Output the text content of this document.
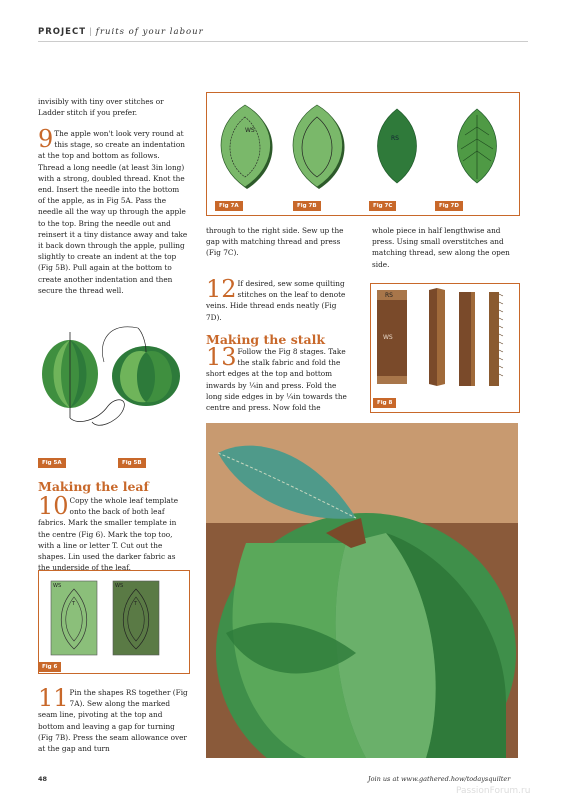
PROJECT | fruits of your labour
invisibly with tiny over stitches or Ladder stitch if you prefer.
9 The apple won't look very round at this stage, so create an indentation at the top and bottom as follows. Thread a long needle (at least 3in long) with a strong, doubled thread. Knot the end. Insert the needle into the bottom of the apple, as in Fig 5A. Pass the needle all the way up through the apple to the top. Bring the needle out and reinsert it a tiny distance away and take it back down through the apple, pulling slightly to create an indent at the top (Fig 5B). Pull again at the bottom to create another indentation and then secure the thread well.
Fig 5A	Fig 5B
Making the leaf
10 Copy the whole leaf template onto the back of both leaf fabrics. Mark the smaller template in the centre (Fig 6). Mark the top too, with a line or letter T. Cut out the shapes. Lin used the darker fabric as the underside of the leaf.
WS
T
WS
T
Fig 6
11 Pin the shapes RS together (Fig 7A). Sew along the marked seam line, pivoting at the top and bottom and leaving a gap for turning (Fig 7B). Press the seam allowance over at the gap and turn
WS
RS
Fig 7A	Fig 7B	Fig 7C	Fig 7D
through to the right side. Sew up the gap with matching thread and press (Fig 7C).
12 If desired, sew some quilting stitches on the leaf to denote veins. Hide thread ends neatly (Fig 7D).
Making the stalk
13 Follow the Fig 8 stages. Take the stalk fabric and fold the short edges at the top and bottom inwards by ¼in and press. Fold the long side edges in by ¼in towards the centre and press. Now fold the
whole piece in half lengthwise and press. Using small overstitches and matching thread, sew along the open side.
RS
WS
Fig 8
48	Join us at www.gathered.how/todaysquilter
PassionForum.ru
